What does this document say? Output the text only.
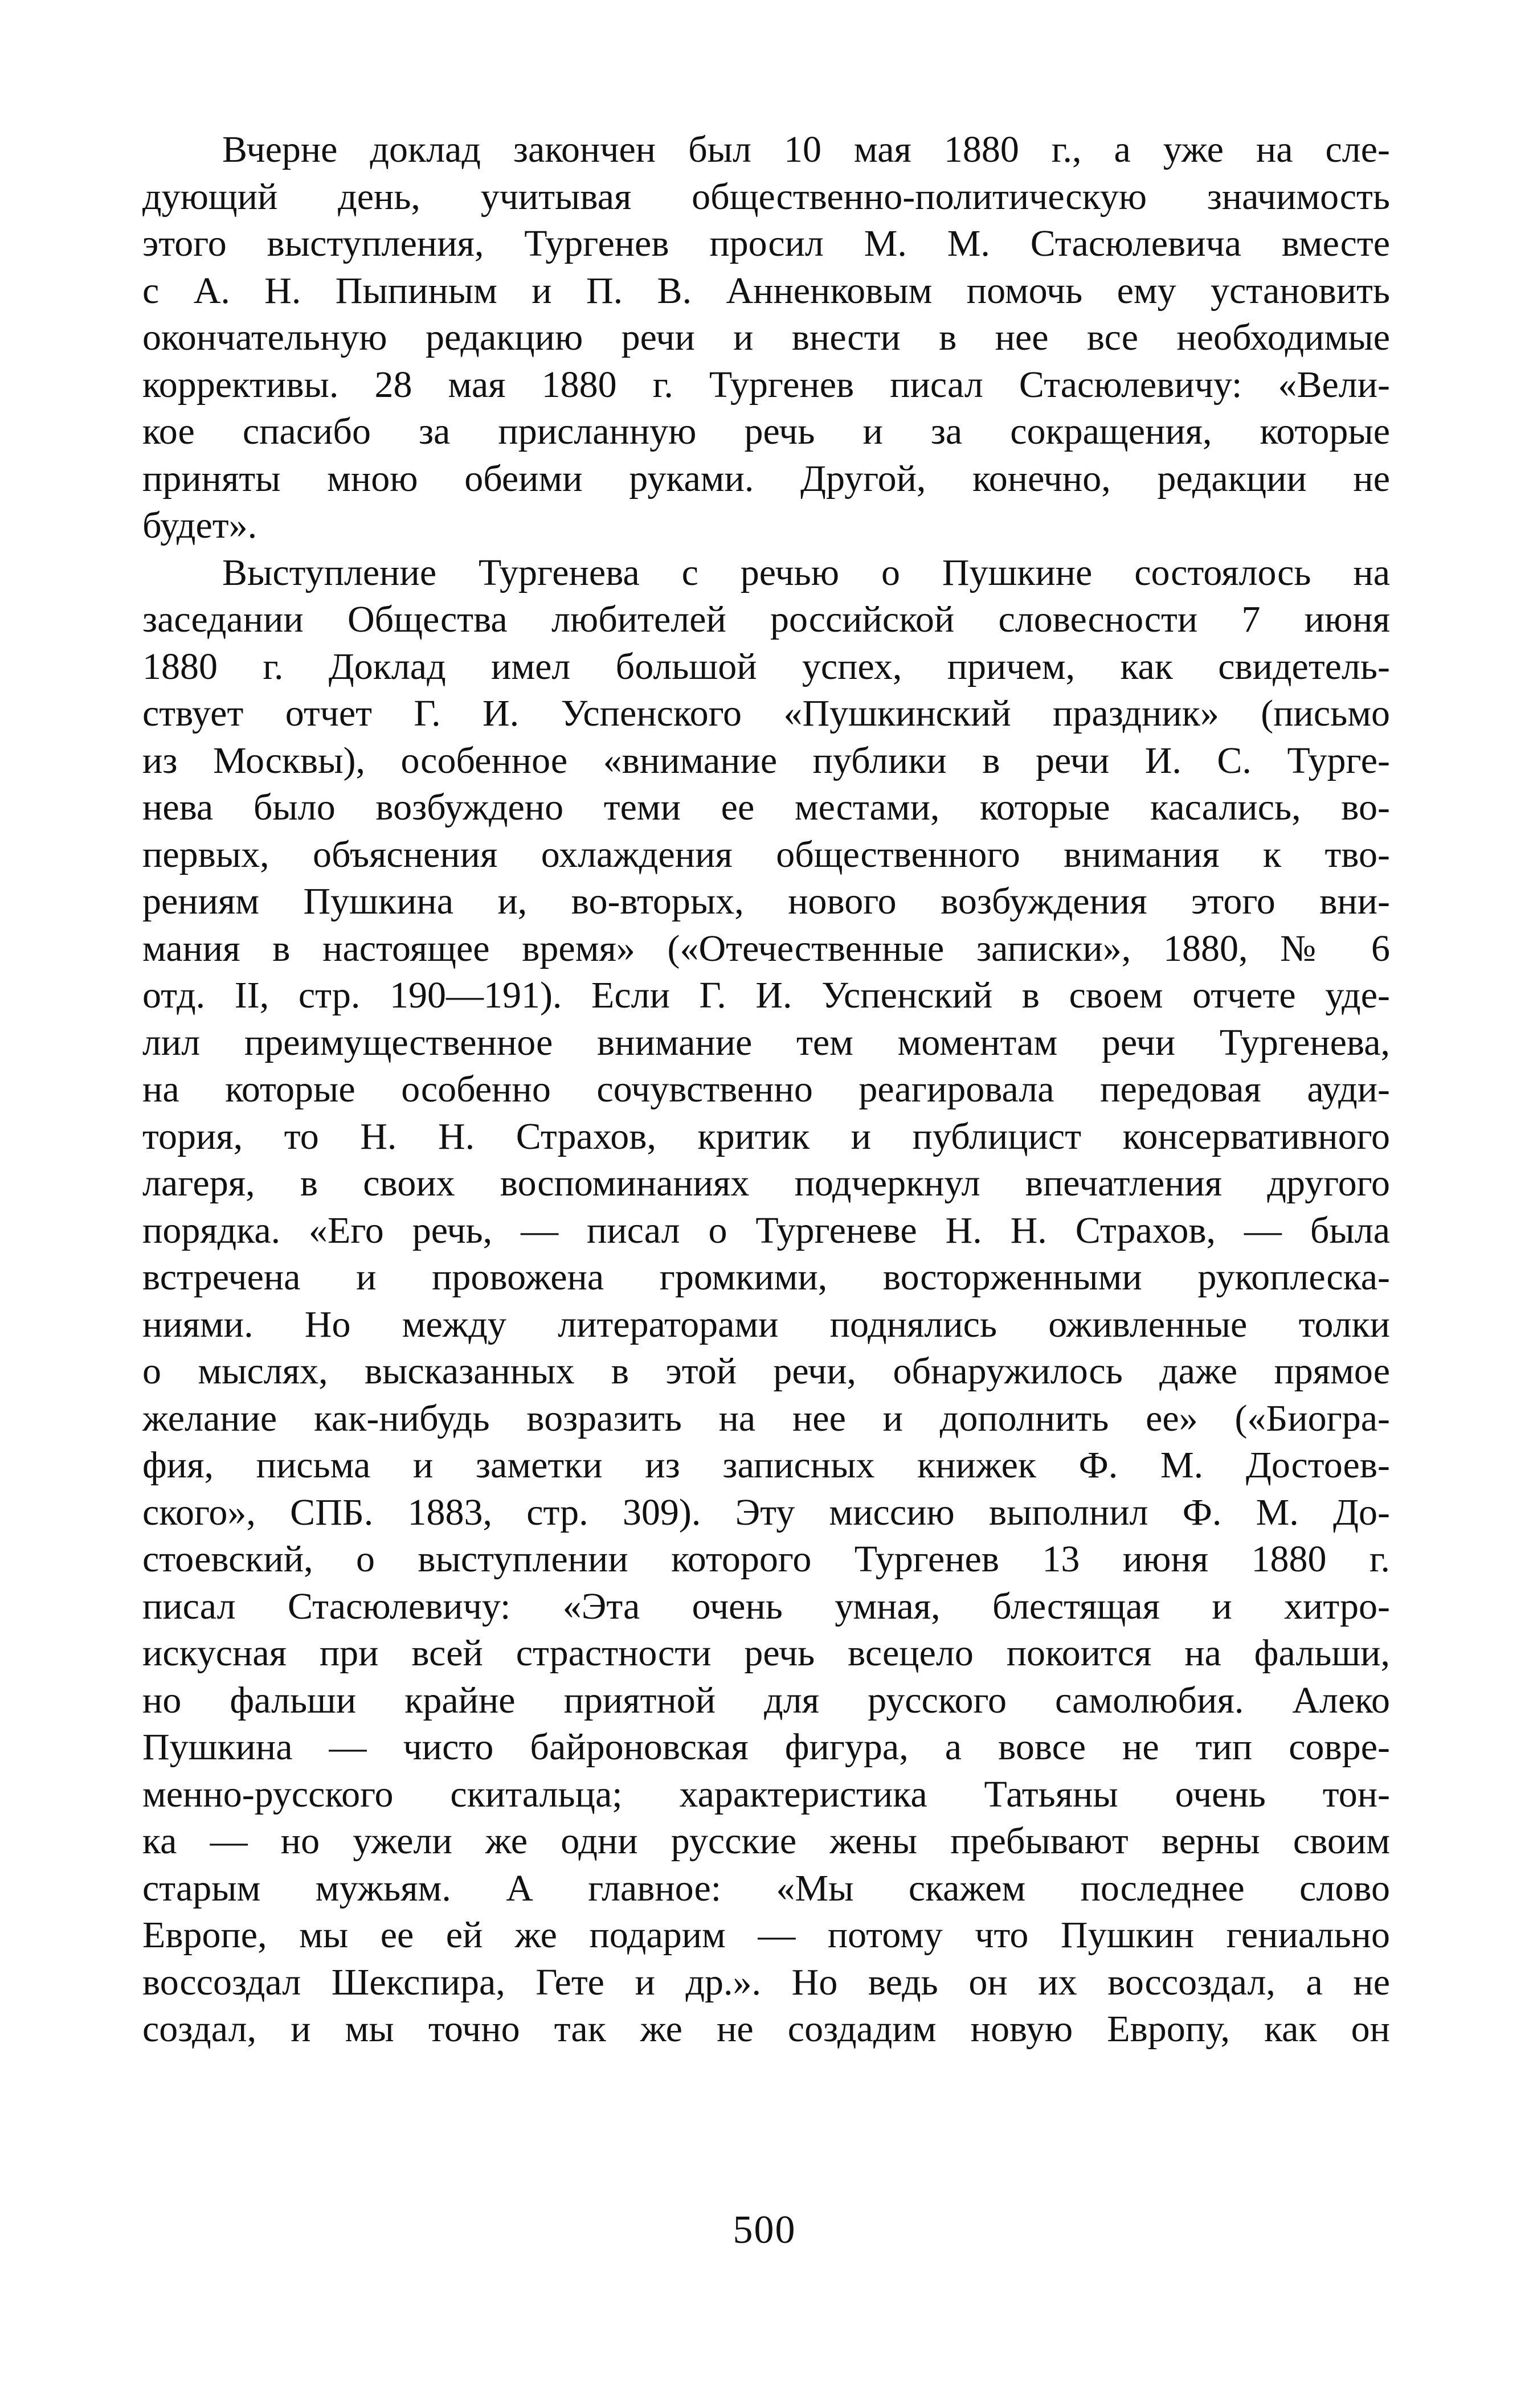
Вчерне доклад закончен был 10 мая 1880 г., а уже на сле-
дующий день, учитывая общественно-политическую значимость
этого выступления, Тургенев просил М. М. Стасюлевича вместе
с А. Н. Пыпиным и П. В. Анненковым помочь ему установить
окончательную редакцию речи и внести в нее все необходимые
коррективы. 28 мая 1880 г. Тургенев писал Стасюлевичу: «Вели-
кое спасибо за присланную речь и за сокращения, которые
приняты мною обеими руками. Другой, конечно, редакции не
будет».

Выступление Тургенева с речью о Пушкине состоялось на
заседании Общества любителей российской словесности 7 июня
1880 г. Доклад имел большой успех, причем, как свидетель-
ствует отчет Г. И. Успенского «Пушкинский праздник» (письмо
из Москвы), особенное «внимание публики в речи И. С. Турге-
нева было возбуждено теми ее местами, которые касались, во-
первых, объяснения охлаждения общественного внимания к тво-
рениям Пушкина и, во-вторых, нового возбуждения этого вни-
мания в настоящее время» («Отечественные записки», 1880, № 6
отд. II, стр. 190—191). Если Г. И. Успенский в своем отчете уде-
лил преимущественное внимание тем моментам речи Тургенева,
на которые особенно сочувственно реагировала передовая ауди-
тория, то Н. Н. Страхов, критик и публицист консервативного
лагеря, в своих воспоминаниях подчеркнул впечатления другого
порядка. «Его речь, — писал о Тургеневе Н. Н. Страхов, — была
встречена и провожена громкими, восторженными рукоплеска-
ниями. Но между литераторами поднялись оживленные толки
о мыслях, высказанных в этой речи, обнаружилось даже прямое
желание как-нибудь возразить на нее и дополнить ее» («Биогра-
фия, письма и заметки из записных книжек Ф. М. Достоев-
ского», СПБ. 1883, стр. 309). Эту миссию выполнил Ф. М. До-
стоевский, о выступлении которого Тургенев 13 июня 1880 г.
писал Стасюлевичу: «Эта очень умная, блестящая и хитро-
искусная при всей страстности речь всецело покоится на фальши,
но фальши крайне приятной для русского самолюбия. Алеко
Пушкина — чисто байроновская фигура, а вовсе не тип совре-
менно-русского скитальца; характеристика Татьяны очень тон-
ка — но ужели же одни русские жены пребывают верны своим
старым мужьям. А главное: «Мы скажем последнее слово
Европе, мы ее ей же подарим — потому что Пушкин гениально
воссоздал Шекспира, Гете и др.». Но ведь он их воссоздал, а не
создал, и мы точно так же не создадим новую Европу, как он

500
